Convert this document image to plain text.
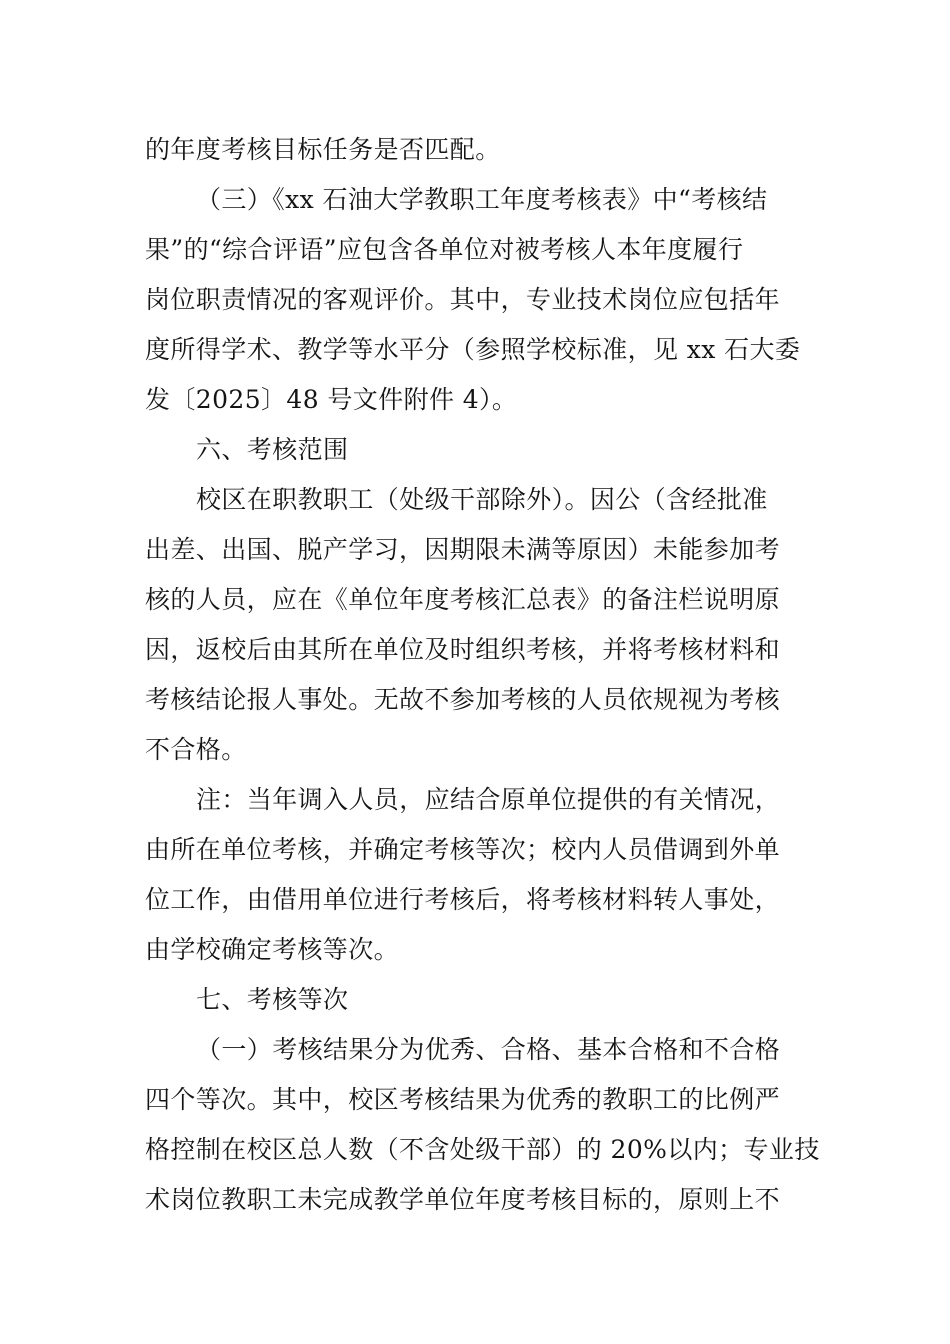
的年度考核目标任务是否匹配。
（三）《xx 石油大学教职工年度考核表》中“考核结
果”的“综合评语”应包含各单位对被考核人本年度履行
岗位职责情况的客观评价。其中，专业技术岗位应包括年
度所得学术、教学等水平分（参照学校标准，见 xx 石大委
发〔2025〕48 号文件附件 4）。
六、考核范围
校区在职教职工（处级干部除外）。因公（含经批准
出差、出国、脱产学习，因期限未满等原因）未能参加考
核的人员，应在《单位年度考核汇总表》的备注栏说明原
因，返校后由其所在单位及时组织考核，并将考核材料和
考核结论报人事处。无故不参加考核的人员依规视为考核
不合格。
注：当年调入人员，应结合原单位提供的有关情况，
由所在单位考核，并确定考核等次；校内人员借调到外单
位工作，由借用单位进行考核后，将考核材料转人事处，
由学校确定考核等次。
七、考核等次
（一）考核结果分为优秀、合格、基本合格和不合格
四个等次。其中，校区考核结果为优秀的教职工的比例严
格控制在校区总人数（不含处级干部）的 20%以内；专业技
术岗位教职工未完成教学单位年度考核目标的，原则上不
